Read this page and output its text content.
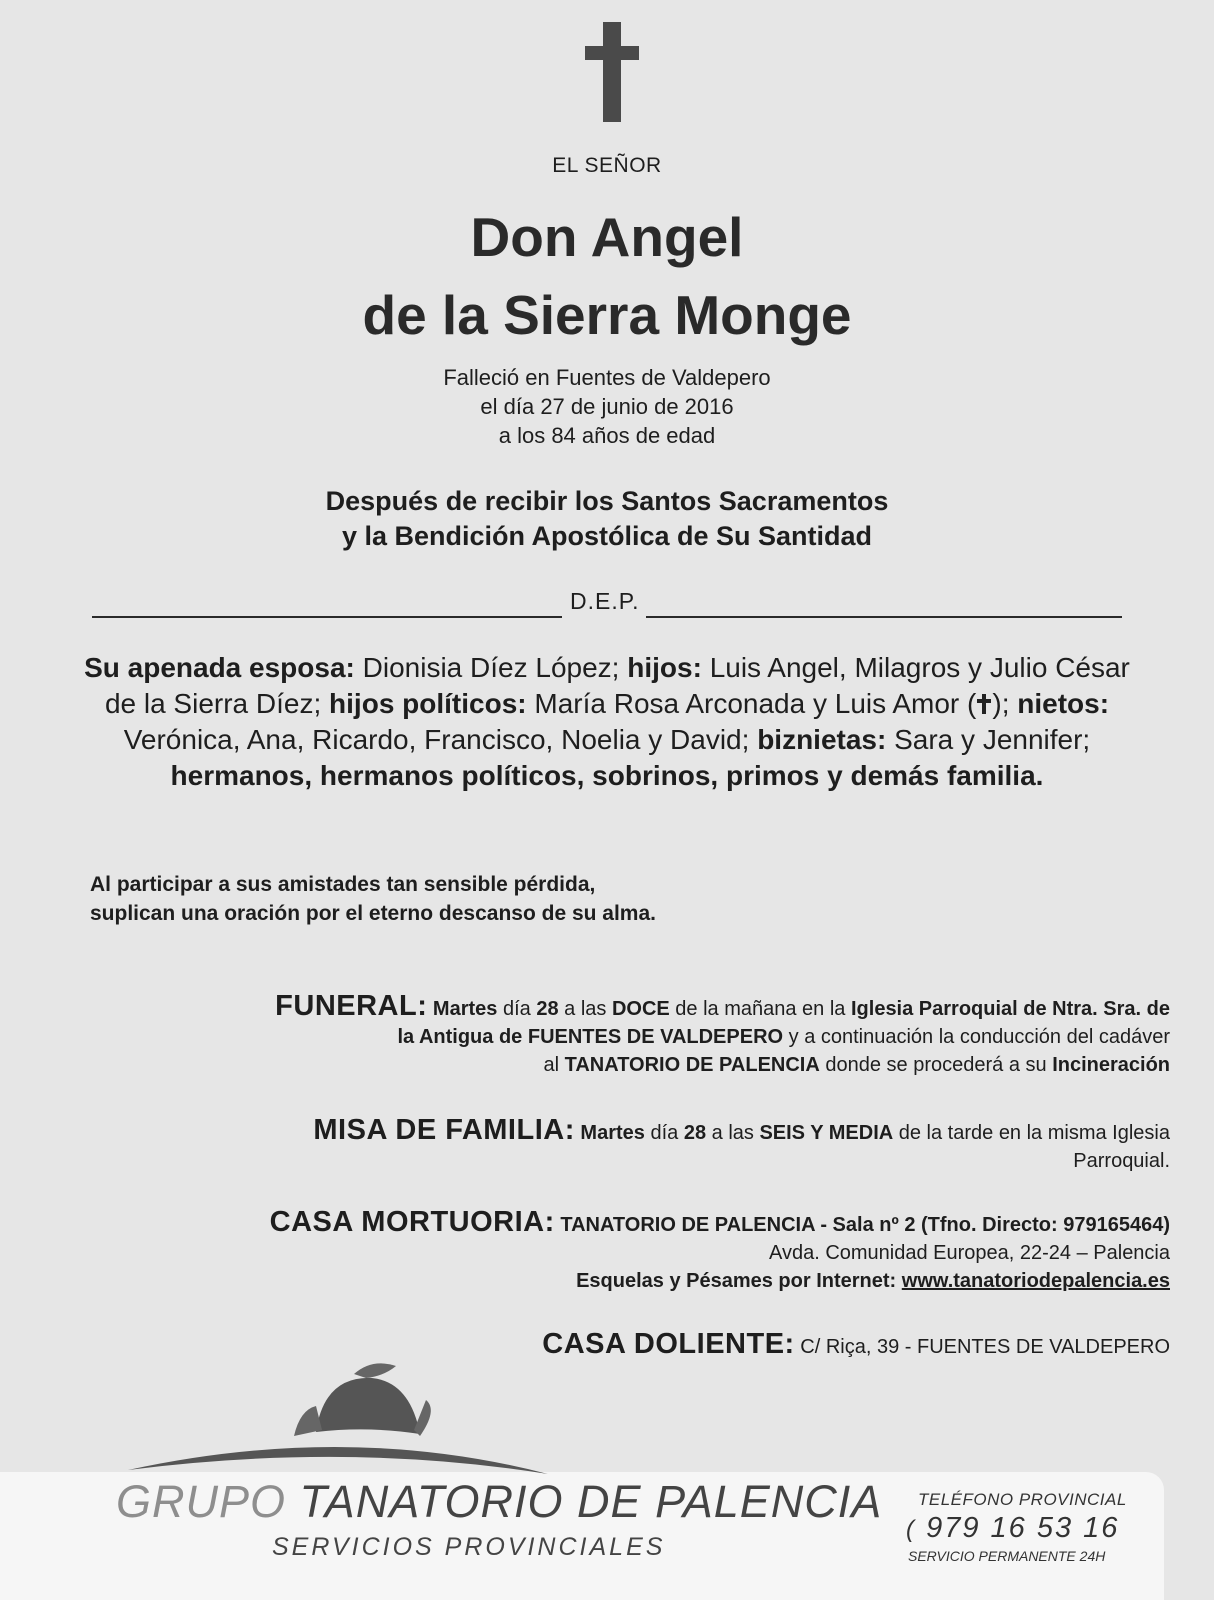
EL SEÑOR
Don Angel
de la Sierra Monge
Falleció en Fuentes de Valdepero
el día 27 de junio de 2016
a los 84 años de edad
Después de recibir los Santos Sacramentos
y la Bendición Apostólica de Su Santidad
D.E.P.
Su apenada esposa: Dionisia Díez López; hijos: Luis Angel, Milagros y Julio César de la Sierra Díez; hijos políticos: María Rosa Arconada y Luis Amor ( ); nietos: Verónica, Ana, Ricardo, Francisco, Noelia y David; biznietas: Sara y Jennifer; hermanos, hermanos políticos, sobrinos, primos y demás familia.
Al participar a sus amistades tan sensible pérdida,
suplican una oración por el eterno descanso de su alma.
FUNERAL: Martes día 28 a las DOCE de la mañana en la Iglesia Parroquial de Ntra. Sra. de
la Antigua de FUENTES DE VALDEPERO y a continuación la conducción del cadáver
al TANATORIO DE PALENCIA donde se procederá a su Incineración
MISA DE FAMILIA: Martes día 28 a las SEIS Y MEDIA de la tarde en la misma Iglesia
Parroquial.
CASA MORTUORIA: TANATORIO DE PALENCIA - Sala nº 2 (Tfno. Directo: 979165464)
Avda. Comunidad Europea, 22-24 – Palencia
Esquelas y Pésames por Internet: www.tanatoriodepalencia.es
CASA DOLIENTE: C/ Riça, 39 - FUENTES DE VALDEPERO
GRUPO TANATORIO DE PALENCIA
SERVICIOS PROVINCIALES
TELÉFONO PROVINCIAL
( 979 16 53 16
SERVICIO PERMANENTE 24H
